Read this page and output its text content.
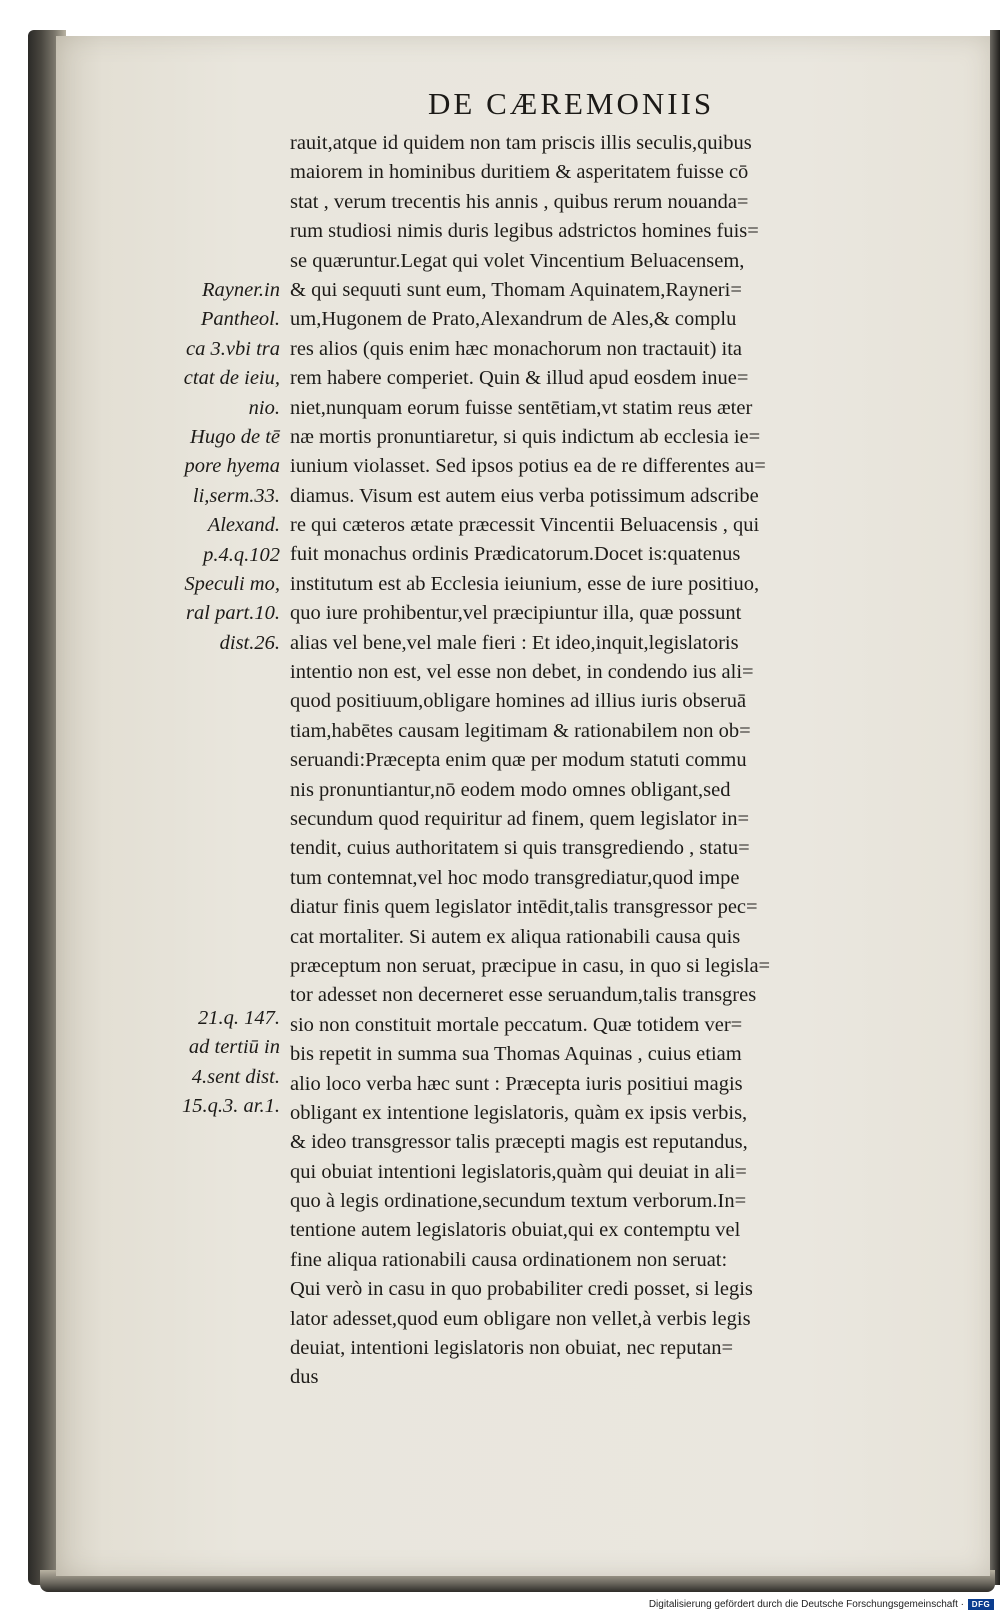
DE CÆREMONIIS
rauit,atque id quidem non tam priscis illis seculis,quibus
maiorem in hominibus duritiem & asperitatem fuisse cō
stat , verum trecentis his annis , quibus rerum nouanda=
rum studiosi nimis duris legibus adstrictos homines fuis=
se quæruntur.Legat qui volet Vincentium Beluacensem,
& qui sequuti sunt eum, Thomam Aquinatem,Rayneri=
um,Hugonem de Prato,Alexandrum de Ales,& complu
res alios (quis enim hæc monachorum non tractauit) ita
rem habere comperiet. Quin & illud apud eosdem inue=
niet,nunquam eorum fuisse sentētiam,vt statim reus æter
næ mortis pronuntiaretur, si quis indictum ab ecclesia ie=
iunium violasset. Sed ipsos potius ea de re differentes au=
diamus. Visum est autem eius verba potissimum adscribe
re qui cæteros ætate præcessit Vincentii Beluacensis , qui
fuit monachus ordinis Prædicatorum.Docet is:quatenus
institutum est ab Ecclesia ieiunium, esse de iure positiuo,
quo iure prohibentur,vel præcipiuntur illa, quæ possunt
alias vel bene,vel male fieri : Et ideo,inquit,legislatoris
intentio non est, vel esse non debet, in condendo ius ali=
quod positiuum,obligare homines ad illius iuris obseruā
tiam,habētes causam legitimam & rationabilem non ob=
seruandi:Præcepta enim quæ per modum statuti commu
nis pronuntiantur,nō eodem modo omnes obligant,sed
secundum quod requiritur ad finem, quem legislator in=
tendit, cuius authoritatem si quis transgrediendo , statu=
tum contemnat,vel hoc modo transgrediatur,quod impe
diatur finis quem legislator intēdit,talis transgressor pec=
cat mortaliter. Si autem ex aliqua rationabili causa quis
præceptum non seruat, præcipue in casu, in quo si legisla=
tor adesset non decerneret esse seruandum,talis transgres
sio non constituit mortale peccatum. Quæ totidem ver=
bis repetit in summa sua Thomas Aquinas , cuius etiam
alio loco verba hæc sunt : Præcepta iuris positiui magis
obligant ex intentione legislatoris, quàm ex ipsis verbis,
& ideo transgressor talis præcepti magis est reputandus,
qui obuiat intentioni legislatoris,quàm qui deuiat in ali=
quo à legis ordinatione,secundum textum verborum.In=
tentione autem legislatoris obuiat,qui ex contemptu vel
fine aliqua rationabili causa ordinationem non seruat:
Qui verò in casu in quo probabiliter credi posset, si legis
lator adesset,quod eum obligare non vellet,à verbis legis
deuiat, intentioni legislatoris non obuiat, nec reputan=
dus
Rayner.in
Pantheol.
ca 3.vbi tra
ctat de ieiu,
nio.
Hugo de tē
pore hyema
li,serm.33.
Alexand.
p.4.q.102
Speculi mo,
ral part.10.
dist.26.
21.q. 147.
ad tertiū in
4.sent dist.
15.q.3. ar.1.
Digitalisierung gefördert durch die Deutsche Forschungsgemeinschaft · DFG
